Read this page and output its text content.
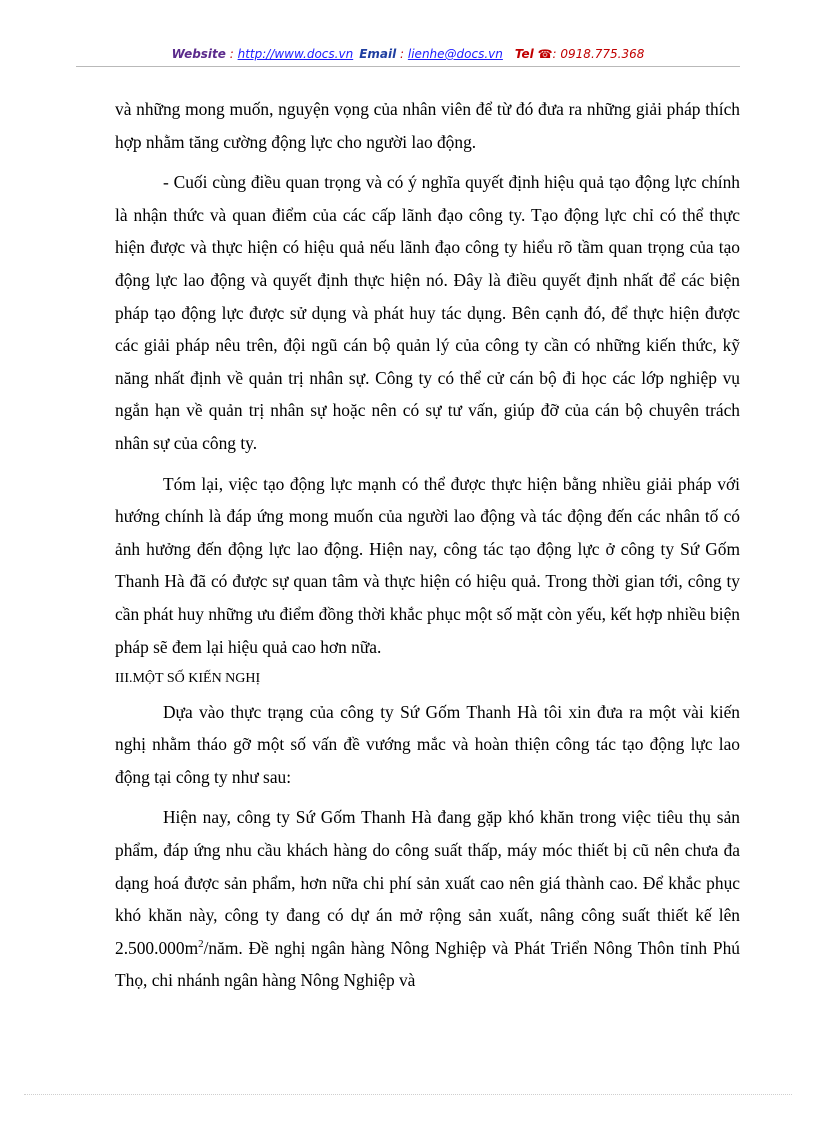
Website : http://www.docs.vn Email : lienhe@docs.vn Tel ☎: 0918.775.368

và những mong muốn, nguyện vọng của nhân viên để từ đó đưa ra những giải pháp thích hợp nhằm tăng cường động lực cho người lao động.

- Cuối cùng điều quan trọng và có ý nghĩa quyết định hiệu quả tạo động lực chính là nhận thức và quan điểm của các cấp lãnh đạo công ty. Tạo động lực chỉ có thể thực hiện được và thực hiện có hiệu quả nếu lãnh đạo công ty hiểu rõ tầm quan trọng của tạo động lực lao động và quyết định thực hiện nó. Đây là điều quyết định nhất để các biện pháp tạo động lực được sử dụng và phát huy tác dụng. Bên cạnh đó, để thực hiện được các giải pháp nêu trên, đội ngũ cán bộ quản lý của công ty cần có những kiến thức, kỹ năng nhất định về quản trị nhân sự. Công ty có thể cử cán bộ đi học các lớp nghiệp vụ ngắn hạn về quản trị nhân sự hoặc nên có sự tư vấn, giúp đỡ của cán bộ chuyên trách nhân sự của công ty.

Tóm lại, việc tạo động lực mạnh có thể được thực hiện bằng nhiều giải pháp với hướng chính là đáp ứng mong muốn của người lao động và tác động đến các nhân tố có ảnh hưởng đến động lực lao động. Hiện nay, công tác tạo động lực ở công ty Sứ Gốm Thanh Hà đã có được sự quan tâm và thực hiện có hiệu quả. Trong thời gian tới, công ty cần phát huy những ưu điểm đồng thời khắc phục một số mặt còn yếu, kết hợp nhiều biện pháp sẽ đem lại hiệu quả cao hơn nữa.

III.MỘT SỐ KIẾN NGHỊ

Dựa vào thực trạng của công ty Sứ Gốm Thanh Hà tôi xin đưa ra một vài kiến nghị nhằm tháo gỡ một số vấn đề vướng mắc và hoàn thiện công tác tạo động lực lao động tại công ty như sau:

Hiện nay, công ty Sứ Gốm Thanh Hà đang gặp khó khăn trong việc tiêu thụ sản phẩm, đáp ứng nhu cầu khách hàng do công suất thấp, máy móc thiết bị cũ nên chưa đa dạng hoá được sản phẩm, hơn nữa chi phí sản xuất cao nên giá thành cao. Để khắc phục khó khăn này, công ty đang có dự án mở rộng sản xuất, nâng công suất thiết kế lên $2.500.000m^2$/năm. Đề nghị ngân hàng Nông Nghiệp và Phát Triển Nông Thôn tỉnh Phú Thọ, chi nhánh ngân hàng Nông Nghiệp và
